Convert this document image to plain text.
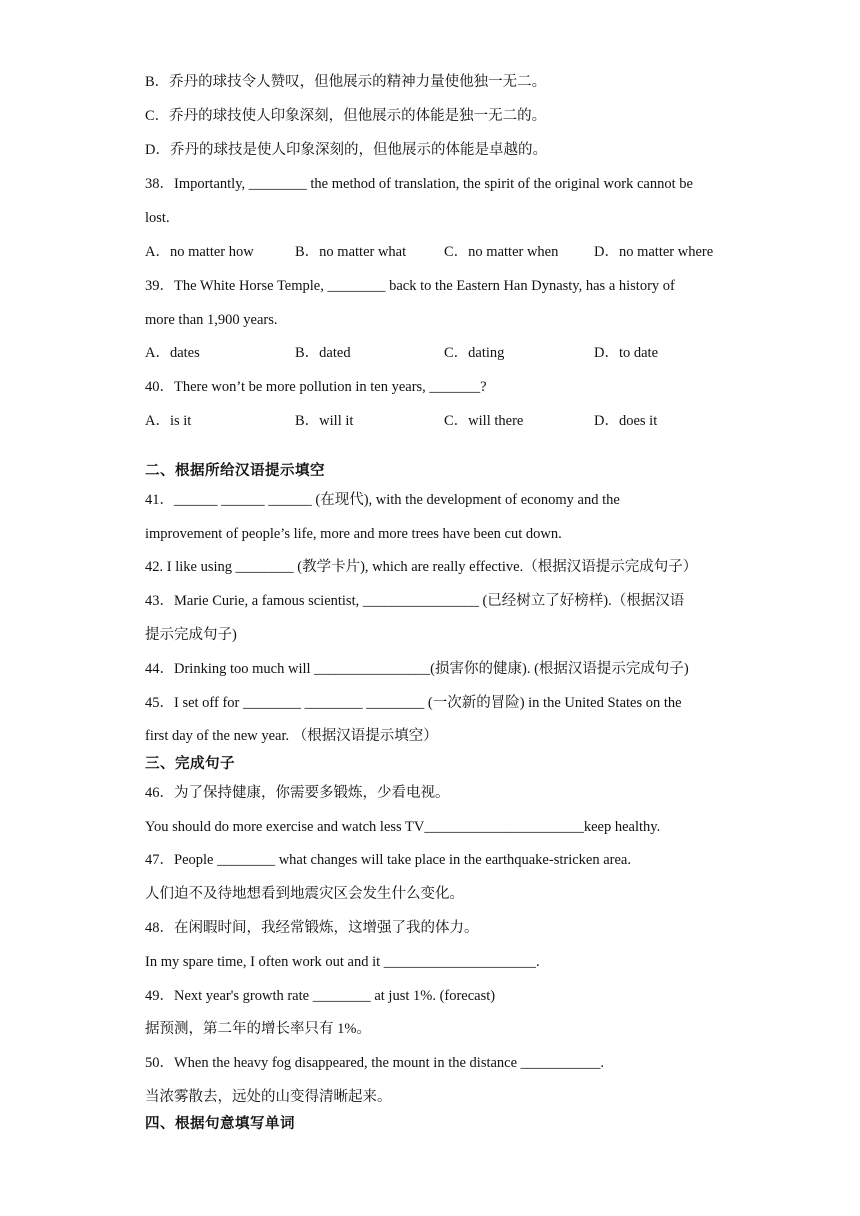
B．乔丹的球技令人赞叹，但他展示的精神力量使他独一无二。
C．乔丹的球技使人印象深刻，但他展示的体能是独一无二的。
D．乔丹的球技是使人印象深刻的，但他展示的体能是卓越的。
38．Importantly, ________ the method of translation, the spirit of the original work cannot be
lost.
A．no matter how	B．no matter what	C．no matter when D．no matter where
39．The White Horse Temple, ________ back to the Eastern Han Dynasty, has a history of
more than 1,900 years.
A．dates	B．dated	C．dating	D．to date
40．There won’t be more pollution in ten years, _______?
A．is it	B．will it	C．will there	D．does it
二、根据所给汉语提示填空
41．______ ______ ______ (在现代), with the development of economy and the
improvement of people’s life, more and more trees have been cut down.
42. I like using ________ (教学卡片), which are really effective.（根据汉语提示完成句子）
43．Marie Curie, a famous scientist, ________________ (已经树立了好榜样).（根据汉语
提示完成句子)
44．Drinking too much will ________________(损害你的健康). (根据汉语提示完成句子)
45．I set off for ________ ________ ________ (一次新的冒险) in the United States on the
first day of the new year. （根据汉语提示填空）
三、完成句子
46．为了保持健康，你需要多锻炼，少看电视。
You should do more exercise and watch less TV______________________keep healthy.
47．People ________ what changes will take place in the earthquake-stricken area.
人们迫不及待地想看到地震灾区会发生什么变化。
48．在闲暇时间，我经常锻炼，这增强了我的体力。
In my spare time, I often work out and it _____________________.
49．Next year's growth rate ________ at just 1%. (forecast)
据预测，第二年的增长率只有 1%。
50．When the heavy fog disappeared, the mount in the distance ___________.
当浓雾散去，远处的山变得清晰起来。
四、根据句意填写单词
